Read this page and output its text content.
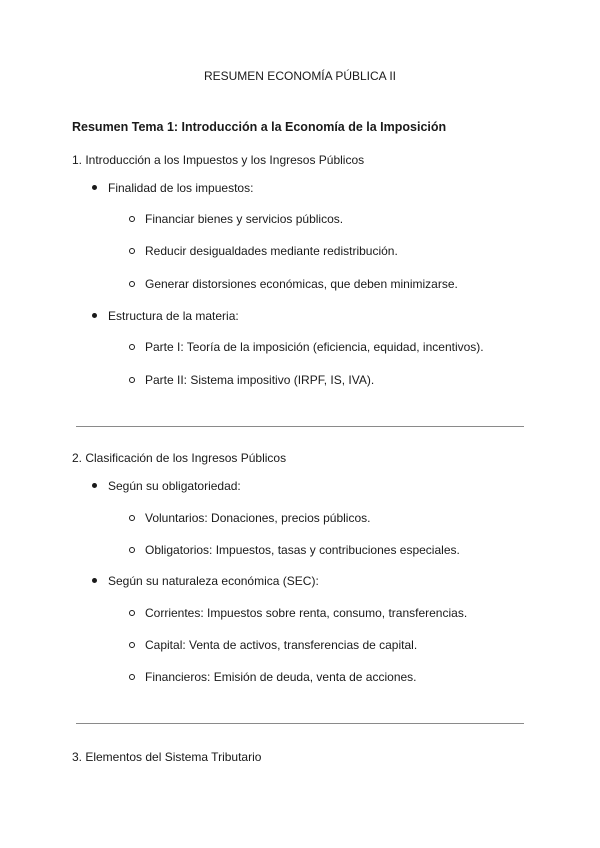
RESUMEN ECONOMÍA PÚBLICA II
Resumen Tema 1: Introducción a la Economía de la Imposición
1. Introducción a los Impuestos y los Ingresos Públicos
Finalidad de los impuestos:
Financiar bienes y servicios públicos.
Reducir desigualdades mediante redistribución.
Generar distorsiones económicas, que deben minimizarse.
Estructura de la materia:
Parte I: Teoría de la imposición (eficiencia, equidad, incentivos).
Parte II: Sistema impositivo (IRPF, IS, IVA).
2. Clasificación de los Ingresos Públicos
Según su obligatoriedad:
Voluntarios: Donaciones, precios públicos.
Obligatorios: Impuestos, tasas y contribuciones especiales.
Según su naturaleza económica (SEC):
Corrientes: Impuestos sobre renta, consumo, transferencias.
Capital: Venta de activos, transferencias de capital.
Financieros: Emisión de deuda, venta de acciones.
3. Elementos del Sistema Tributario
